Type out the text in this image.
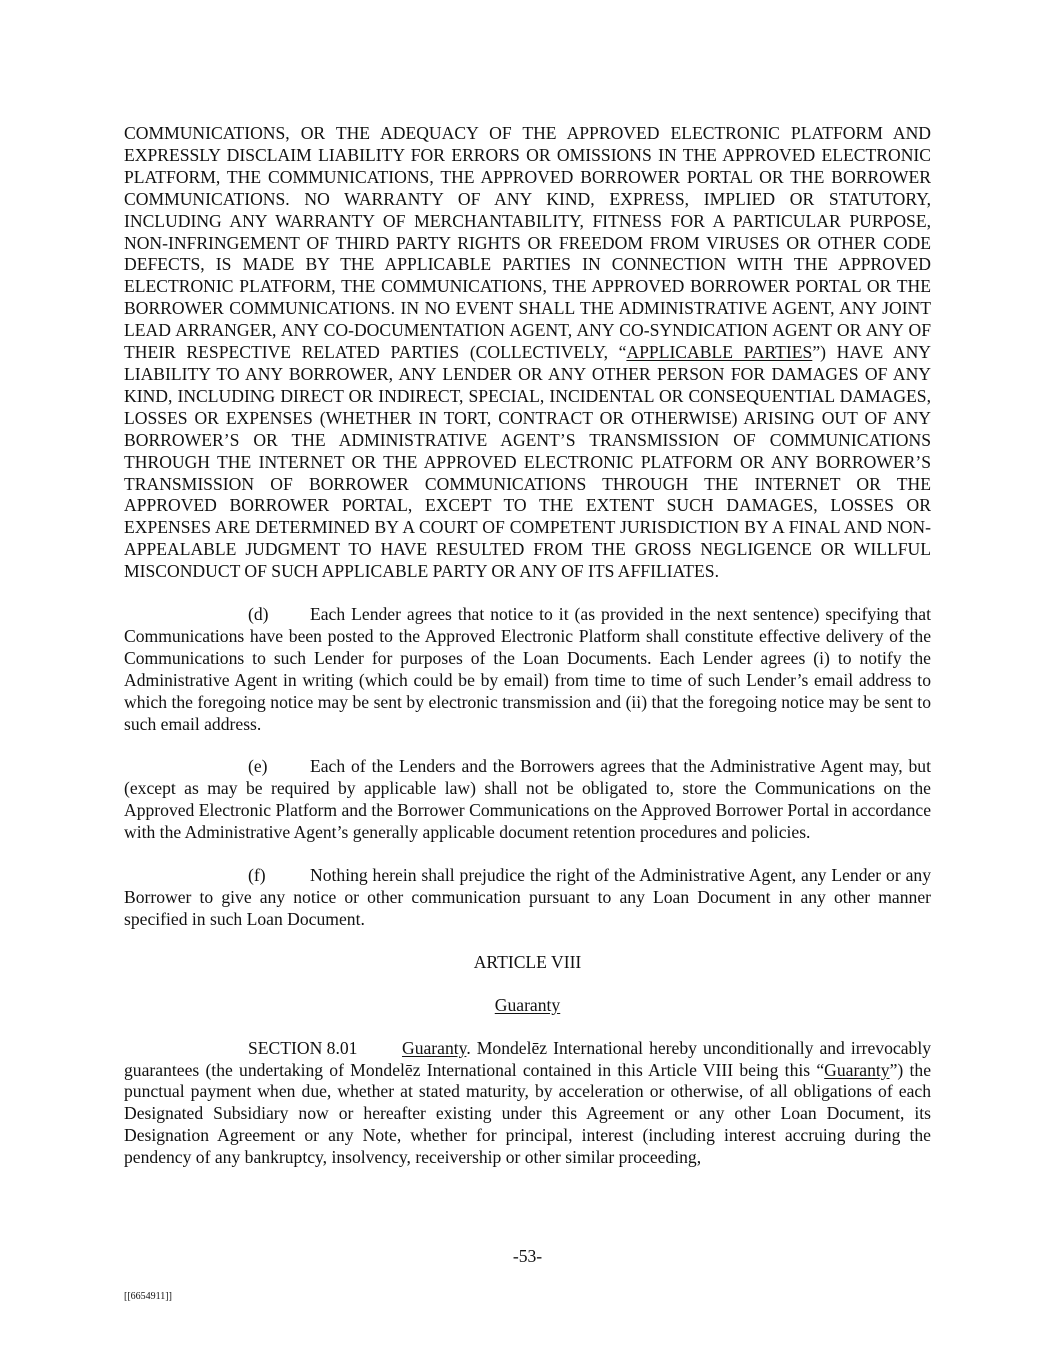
COMMUNICATIONS, OR THE ADEQUACY OF THE APPROVED ELECTRONIC PLATFORM AND EXPRESSLY DISCLAIM LIABILITY FOR ERRORS OR OMISSIONS IN THE APPROVED ELECTRONIC PLATFORM, THE COMMUNICATIONS, THE APPROVED BORROWER PORTAL OR THE BORROWER COMMUNICATIONS. NO WARRANTY OF ANY KIND, EXPRESS, IMPLIED OR STATUTORY, INCLUDING ANY WARRANTY OF MERCHANTABILITY, FITNESS FOR A PARTICULAR PURPOSE, NON-INFRINGEMENT OF THIRD PARTY RIGHTS OR FREEDOM FROM VIRUSES OR OTHER CODE DEFECTS, IS MADE BY THE APPLICABLE PARTIES IN CONNECTION WITH THE APPROVED ELECTRONIC PLATFORM, THE COMMUNICATIONS, THE APPROVED BORROWER PORTAL OR THE BORROWER COMMUNICATIONS. IN NO EVENT SHALL THE ADMINISTRATIVE AGENT, ANY JOINT LEAD ARRANGER, ANY CO-DOCUMENTATION AGENT, ANY CO-SYNDICATION AGENT OR ANY OF THEIR RESPECTIVE RELATED PARTIES (COLLECTIVELY, “APPLICABLE PARTIES”) HAVE ANY LIABILITY TO ANY BORROWER, ANY LENDER OR ANY OTHER PERSON FOR DAMAGES OF ANY KIND, INCLUDING DIRECT OR INDIRECT, SPECIAL, INCIDENTAL OR CONSEQUENTIAL DAMAGES, LOSSES OR EXPENSES (WHETHER IN TORT, CONTRACT OR OTHERWISE) ARISING OUT OF ANY BORROWER’S OR THE ADMINISTRATIVE AGENT’S TRANSMISSION OF COMMUNICATIONS THROUGH THE INTERNET OR THE APPROVED ELECTRONIC PLATFORM OR ANY BORROWER’S TRANSMISSION OF BORROWER COMMUNICATIONS THROUGH THE INTERNET OR THE APPROVED BORROWER PORTAL, EXCEPT TO THE EXTENT SUCH DAMAGES, LOSSES OR EXPENSES ARE DETERMINED BY A COURT OF COMPETENT JURISDICTION BY A FINAL AND NON-APPEALABLE JUDGMENT TO HAVE RESULTED FROM THE GROSS NEGLIGENCE OR WILLFUL MISCONDUCT OF SUCH APPLICABLE PARTY OR ANY OF ITS AFFILIATES.

(d) Each Lender agrees that notice to it (as provided in the next sentence) specifying that Communications have been posted to the Approved Electronic Platform shall constitute effective delivery of the Communications to such Lender for purposes of the Loan Documents. Each Lender agrees (i) to notify the Administrative Agent in writing (which could be by email) from time to time of such Lender’s email address to which the foregoing notice may be sent by electronic transmission and (ii) that the foregoing notice may be sent to such email address.

(e) Each of the Lenders and the Borrowers agrees that the Administrative Agent may, but (except as may be required by applicable law) shall not be obligated to, store the Communications on the Approved Electronic Platform and the Borrower Communications on the Approved Borrower Portal in accordance with the Administrative Agent’s generally applicable document retention procedures and policies.

(f)	Nothing herein shall prejudice the right of the Administrative Agent, any Lender or any Borrower to give any notice or other communication pursuant to any Loan Document in any other manner specified in such Loan Document.

ARTICLE VIII

Guaranty

SECTION 8.01	Guaranty. Mondelēz International hereby unconditionally and irrevocably guarantees (the undertaking of Mondelēz International contained in this Article VIII being this “Guaranty”) the punctual payment when due, whether at stated maturity, by acceleration or otherwise, of all obligations of each Designated Subsidiary now or hereafter existing under this Agreement or any other Loan Document, its Designation Agreement or any Note, whether for principal, interest (including interest accruing during the pendency of any bankruptcy, insolvency, receivership or other similar proceeding,

-53-
[[6654911]]
